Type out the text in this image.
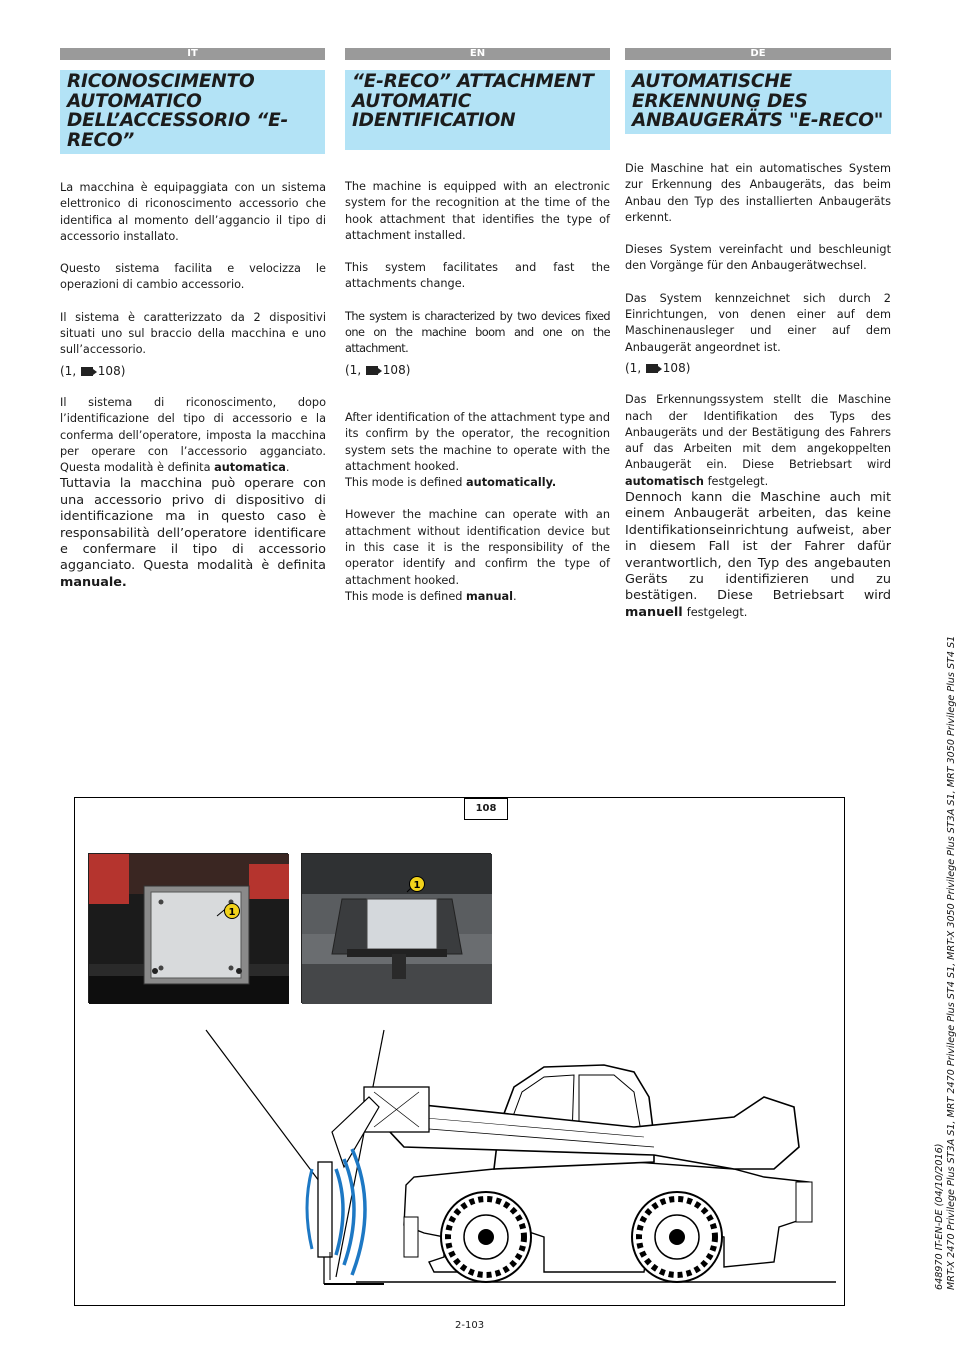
IT	EN	DE
RICONOSCIMENTO AUTOMATICO DELL’ACCESSORIO “E-RECO”
“E-RECO” ATTACHMENT AUTOMATIC IDENTIFICATION
AUTOMATISCHE ERKENNUNG DES ANBAUGERÄTS "E-RECO"

La macchina è equipaggiata con un sistema elettronico di riconoscimento accessorio che identifica al momento dell’aggancio il tipo di accessorio installato.

Questo sistema facilita e velocizza le operazioni di cambio accessorio.

Il sistema è caratterizzato da 2 dispositivi situati uno sul braccio della macchina e uno sull’accessorio.

(1, 108)

Il sistema di riconoscimento, dopo l’identificazione del tipo di accessorio e la conferma dell’operatore, imposta la macchina per operare con l’accessorio agganciato. Questa modalità è definita automatica.

Tuttavia la macchina può operare con una accessorio privo di dispositivo di identificazione ma in questo caso è responsabilità dell’operatore identificare e confermare il tipo di accessorio agganciato. Questa modalità è definita manuale.

The machine is equipped with an electronic system for the recognition at the time of the hook attachment that identifies the type of attachment installed.

This system facilitates and fast the attachments change.

The system is characterized by two devices fixed one on the machine boom and one on the attachment.

(1, 108)

After identification of the attachment type and its confirm by the operator, the recognition system sets the machine to operate with the attachment hooked.
This mode is defined automatically.

However the machine can operate with an attachment without identification device but in this case it is the responsibility of the operator identify and confirm the type of attachment hooked.
This mode is defined manual.

Die Maschine hat ein automatisches System zur Erkennung des Anbaugeräts, das beim Anbau den Typ des installierten Anbaugeräts erkennt.

Dieses System vereinfacht und beschleunigt den Vorgänge für den Anbaugerätwechsel.

Das System kennzeichnet sich durch 2 Einrichtungen, von denen einer auf dem Maschinenausleger und einer auf dem Anbaugerät angeordnet ist.

(1, 108)

Das Erkennungssystem stellt die Maschine nach der Identifikation des Typs des Anbaugeräts und der Bestätigung des Fahrers auf das Arbeiten mit dem angekoppelten Anbaugerät ein. Diese Betriebsart wird automatisch festgelegt.

Dennoch kann die Maschine auch mit einem Anbaugerät arbeiten, das keine Identifikationseinrichtung aufweist, aber in diesem Fall ist der Fahrer dafür verantwortlich, den Typ des angebauten Geräts zu identifizieren und zu bestätigen. Diese Betriebsart wird manuell festgelegt.

1
1
108
2-103
648970 IT-EN-DE (04/10/2016) MRT-X 2470 Privilege Plus ST3A S1, MRT 2470 Privilege Plus ST4 S1, MRT-X 3050 Privilege Plus ST3A S1, MRT 3050 Privilege Plus ST4 S1
